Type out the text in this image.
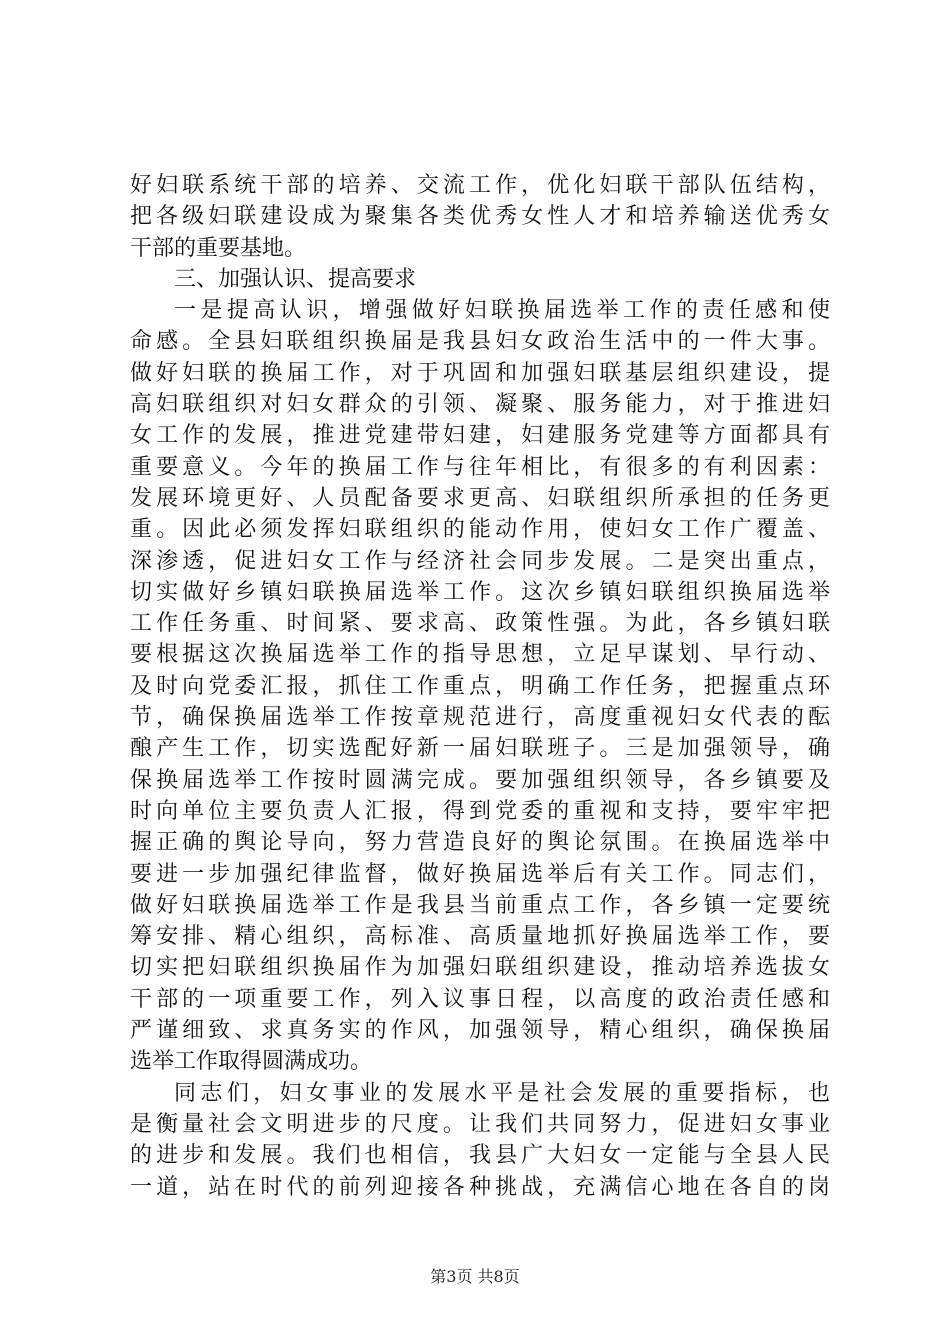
好妇联系统干部的培养、交流工作，优化妇联干部队伍结构，
把各级妇联建设成为聚集各类优秀女性人才和培养输送优秀女
干部的重要基地。
三、加强认识、提高要求
一是提高认识，增强做好妇联换届选举工作的责任感和使
命感。全县妇联组织换届是我县妇女政治生活中的一件大事。
做好妇联的换届工作，对于巩固和加强妇联基层组织建设，提
高妇联组织对妇女群众的引领、凝聚、服务能力，对于推进妇
女工作的发展，推进党建带妇建，妇建服务党建等方面都具有
重要意义。今年的换届工作与往年相比，有很多的有利因素：
发展环境更好、人员配备要求更高、妇联组织所承担的任务更
重。因此必须发挥妇联组织的能动作用，使妇女工作广覆盖、
深渗透，促进妇女工作与经济社会同步发展。二是突出重点，
切实做好乡镇妇联换届选举工作。这次乡镇妇联组织换届选举
工作任务重、时间紧、要求高、政策性强。为此，各乡镇妇联
要根据这次换届选举工作的指导思想，立足早谋划、早行动、
及时向党委汇报，抓住工作重点，明确工作任务，把握重点环
节，确保换届选举工作按章规范进行，高度重视妇女代表的酝
酿产生工作，切实选配好新一届妇联班子。三是加强领导，确
保换届选举工作按时圆满完成。要加强组织领导，各乡镇要及
时向单位主要负责人汇报，得到党委的重视和支持，要牢牢把
握正确的舆论导向，努力营造良好的舆论氛围。在换届选举中
要进一步加强纪律监督，做好换届选举后有关工作。同志们，
做好妇联换届选举工作是我县当前重点工作，各乡镇一定要统
筹安排、精心组织，高标准、高质量地抓好换届选举工作，要
切实把妇联组织换届作为加强妇联组织建设，推动培养选拔女
干部的一项重要工作，列入议事日程，以高度的政治责任感和
严谨细致、求真务实的作风，加强领导，精心组织，确保换届
选举工作取得圆满成功。
同志们，妇女事业的发展水平是社会发展的重要指标，也
是衡量社会文明进步的尺度。让我们共同努力，促进妇女事业
的进步和发展。我们也相信，我县广大妇女一定能与全县人民
一道，站在时代的前列迎接各种挑战，充满信心地在各自的岗
第3页 共8页
